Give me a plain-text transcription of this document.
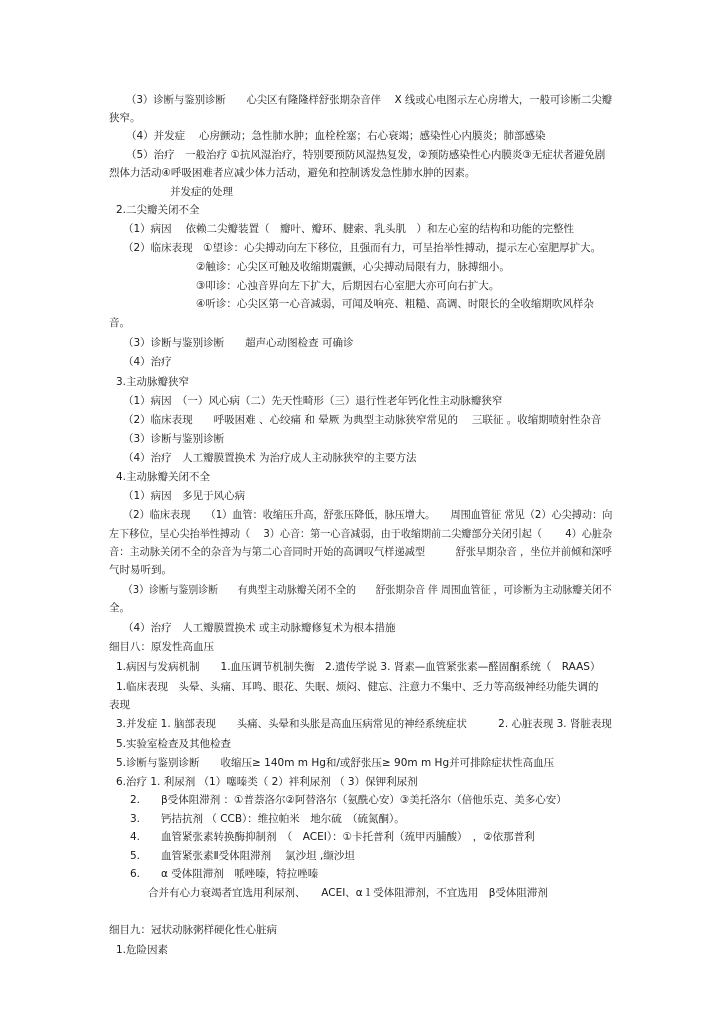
（3）诊断与鉴别诊断　　心尖区有隆隆样舒张期杂音伴　 X 线或心电图示左心房增大，一般可诊断二尖瓣
狭窄。
（4）并发症　 心房颤动；急性肺水肿；血栓栓塞；右心衰竭；感染性心内膜炎；肺部感染
（5）治疗　一般治疗 ①抗风湿治疗，特别要预防风湿热复发，②预防感染性心内膜炎③无症状者避免剧
烈体力活动④呼吸困难者应减少体力活动，避免和控制诱发急性肺水肿的因素。
并发症的处理
2.二尖瓣关闭不全
（1）病因　 依赖二尖瓣装置（　瓣叶、瓣环、腱索、乳头肌　）和左心室的结构和功能的完整性
（2）临床表现　①望诊：心尖搏动向左下移位，且强而有力，可呈抬举性搏动，提示左心室肥厚扩大。
②触诊：心尖区可触及收缩期震颤，心尖搏动局限有力，脉搏细小。
③叩诊：心浊音界向左下扩大，后期因右心室肥大亦可向右扩大。
④听诊：心尖区第一心音减弱，可闻及响亮、粗糙、高调、时限长的全收缩期吹风样杂
音。
（3）诊断与鉴别诊断　　超声心动图检查 可确诊
（4）治疗
3.主动脉瓣狭窄
（1）病因　（一）风心病（二）先天性畸形（三）退行性老年钙化性主动脉瓣狭窄
（2）临床表现　　呼吸困难 、心绞痛 和 晕厥 为典型主动脉狭窄常见的　 三联征 。收缩期喷射性杂音
（3）诊断与鉴别诊断
（4）治疗　人工瓣膜置换术 为治疗成人主动脉狭窄的主要方法
4.主动脉瓣关闭不全
（1）病因　多见于风心病
（2）临床表现　　（1）血管：收缩压升高，舒张压降低，脉压增大。　　周围血管征 常见（2）心尖搏动：向
左下移位，呈心尖抬举性搏动（　 3）心音：第一心音减弱，由于收缩期前二尖瓣部分关闭引起（　　 4）心脏杂
音：主动脉关闭不全的杂音为与第二心音同时开始的高调叹气样递减型　　　舒张早期杂音 ，坐位并前倾和深呼
气时易听到。
（3）诊断与鉴别诊断　　有典型主动脉瓣关闭不全的　　舒张期杂音 伴 周围血管征 ，可诊断为主动脉瓣关闭不
全。
（4）治疗　人工瓣膜置换术 或主动脉瓣修复术为根本措施
细目八：原发性高血压
1.病因与发病机制　　1.血压调节机制失衡　2.遗传学说 3. 肾素—血管紧张素—醛固酮系统（　RAAS）
1.临床表现　头晕、头痛、耳鸣、眼花、失眠、烦闷、健忘、注意力不集中、乏力等高级神经功能失调的
表现
3.并发症 1. 脑部表现　　头痛、头晕和头胀是高血压病常见的神经系统症状　　　2. 心脏表现 3. 肾脏表现
5.实验室检查及其他检查
5.诊断与鉴别诊断　　收缩压≥ 140m m Hg和/或舒张压≥ 90m m Hg并可排除症状性高血压
6.治疗 1. 利尿剂 （1）噻嗪类（ 2）袢利尿剂 （ 3）保钾利尿剂
2.　　β受体阻滞剂 ：①普萘洛尔②阿替洛尔（氨酰心安）③美托洛尔（倍他乐克、美多心安）
3.　　钙拮抗剂 （ CCB）：维拉帕米　地尔硫　（硫氮酮）。
4.　　血管紧张素转换酶抑制剂　（　ACEI）：①卡托普利（巯甲丙脯酸）　，②依那普利
5.　　血管紧张素Ⅱ受体阻滞剂　 氯沙坦 ,缬沙坦
6.　　α 受体阻滞剂　哌唑嗪，特拉唑嗪
合并有心力衰竭者宜选用利尿剂、　　ACEI、α１受体阻滞剂，不宜选用　β受体阻滞剂
细目九：冠状动脉粥样硬化性心脏病
1.危险因素
